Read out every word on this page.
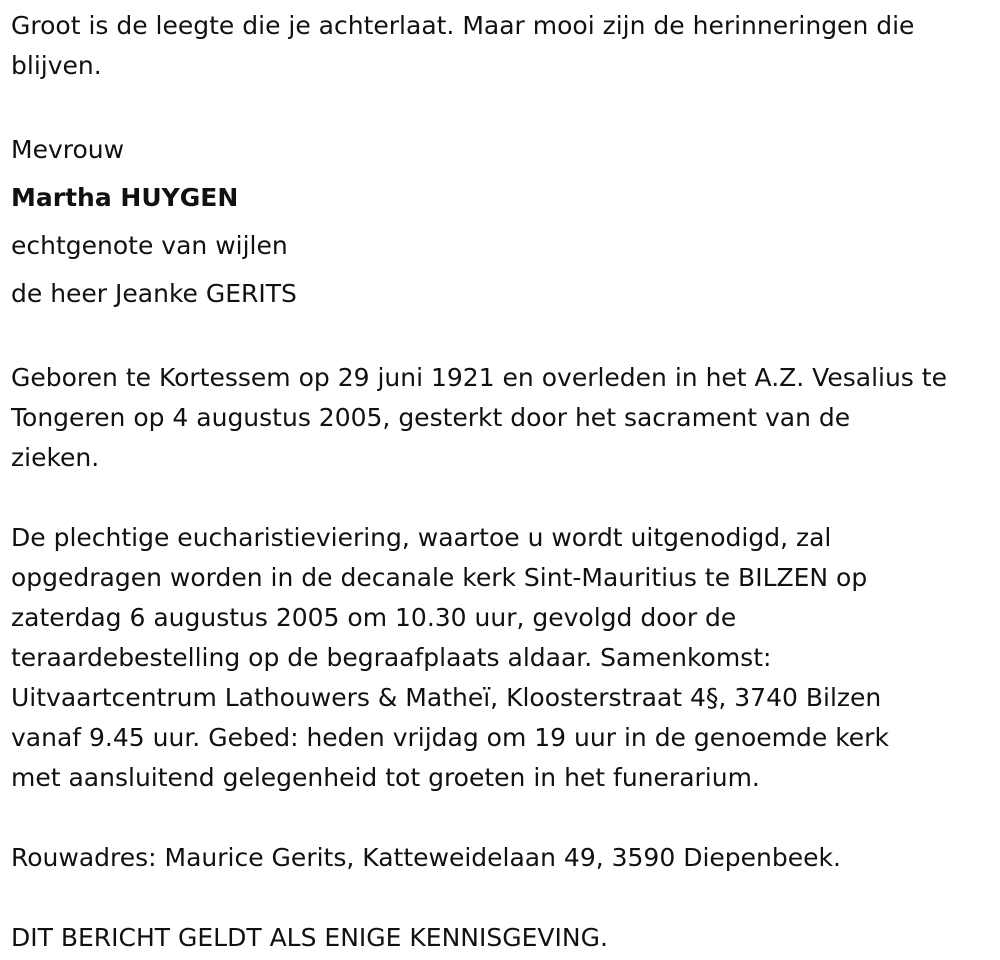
Groot is de leegte die je achterlaat. Maar mooi zijn de herinneringen die
blijven.
Mevrouw
Martha HUYGEN
echtgenote van wijlen
de heer Jeanke GERITS
Geboren te Kortessem op 29 juni 1921 en overleden in het A.Z. Vesalius te
Tongeren op 4 augustus 2005, gesterkt door het sacrament van de
zieken.
De plechtige eucharistieviering, waartoe u wordt uitgenodigd, zal
opgedragen worden in de decanale kerk Sint-Mauritius te BILZEN op
zaterdag 6 augustus 2005 om 10.30 uur, gevolgd door de
teraardebestelling op de begraafplaats aldaar. Samenkomst:
Uitvaartcentrum Lathouwers & Matheï, Kloosterstraat 4§, 3740 Bilzen
vanaf 9.45 uur. Gebed: heden vrijdag om 19 uur in de genoemde kerk
met aansluitend gelegenheid tot groeten in het funerarium.
Rouwadres: Maurice Gerits, Katteweidelaan 49, 3590 Diepenbeek.
DIT BERICHT GELDT ALS ENIGE KENNISGEVING.
